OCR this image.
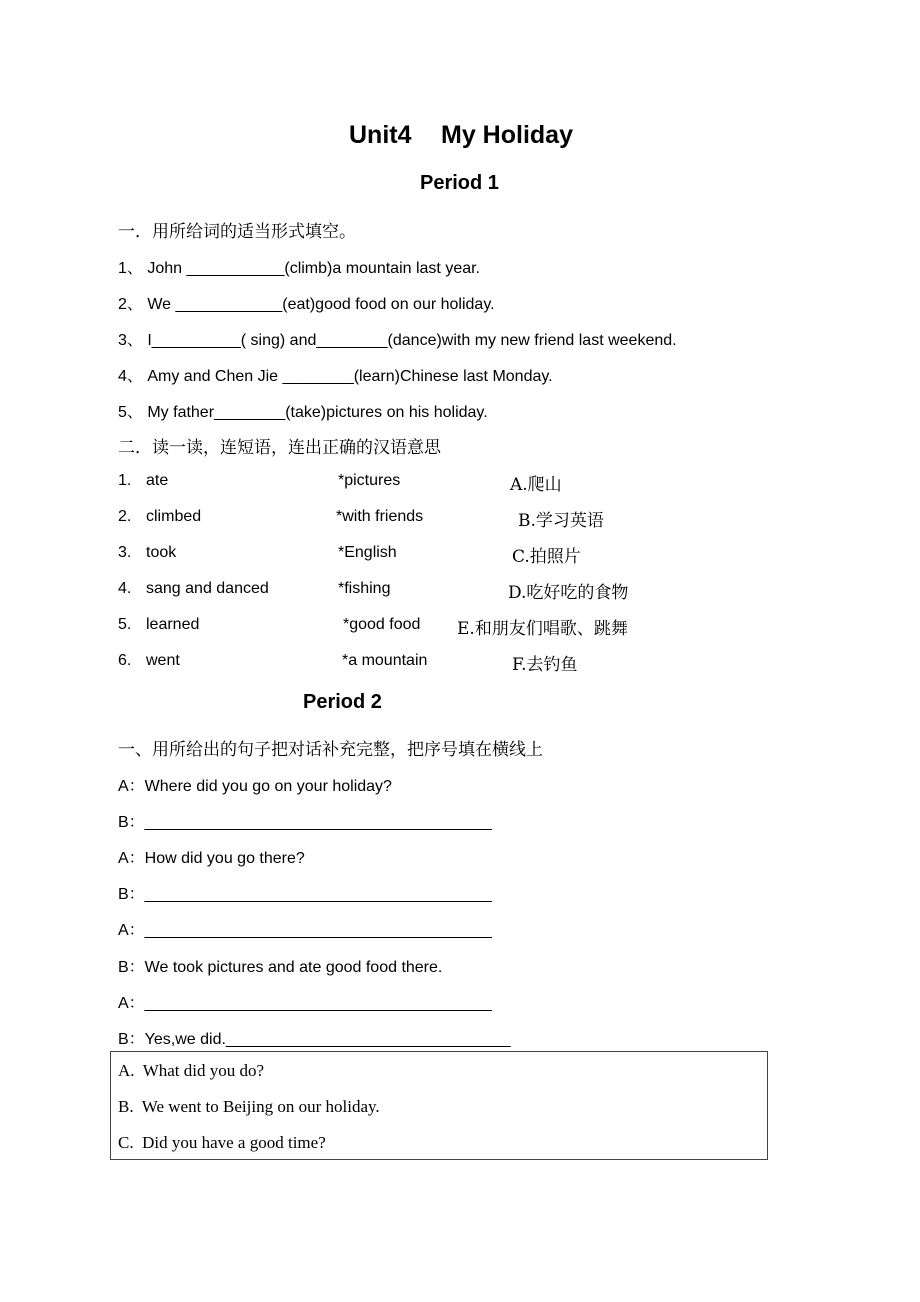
Unit4 My Holiday
Period 1
一．用所给词的适当形式填空。
1、 John ___________(climb)a mountain last year.
2、 We ____________(eat)good food on our holiday.
3、 I__________( sing) and________(dance)with my new friend last weekend.
4、 Amy and Chen Jie ________(learn)Chinese last Monday.
5、 My father________(take)pictures on his holiday.
二．读一读，连短语，连出正确的汉语意思
1. ate	*pictures	A.爬山
2. climbed	*with friends	B.学习英语
3. took	*English	C.拍照片
4. sang and danced	*fishing	D.吃好吃的食物
5. learned	*good food E.和朋友们唱歌、跳舞
6. went	*a mountain	F.去钓鱼
Period 2
一、用所给出的句子把对话补充完整，把序号填在横线上
A：Where did you go on your holiday?
B：_______________________________________
A：How did you go there?
B：_______________________________________
A：_______________________________________
B：We took pictures and ate good food there.
A：_______________________________________
B：Yes,we did.________________________________
A.  What did you do?
B.  We went to Beijing on our holiday.
C.  Did you have a good time?
